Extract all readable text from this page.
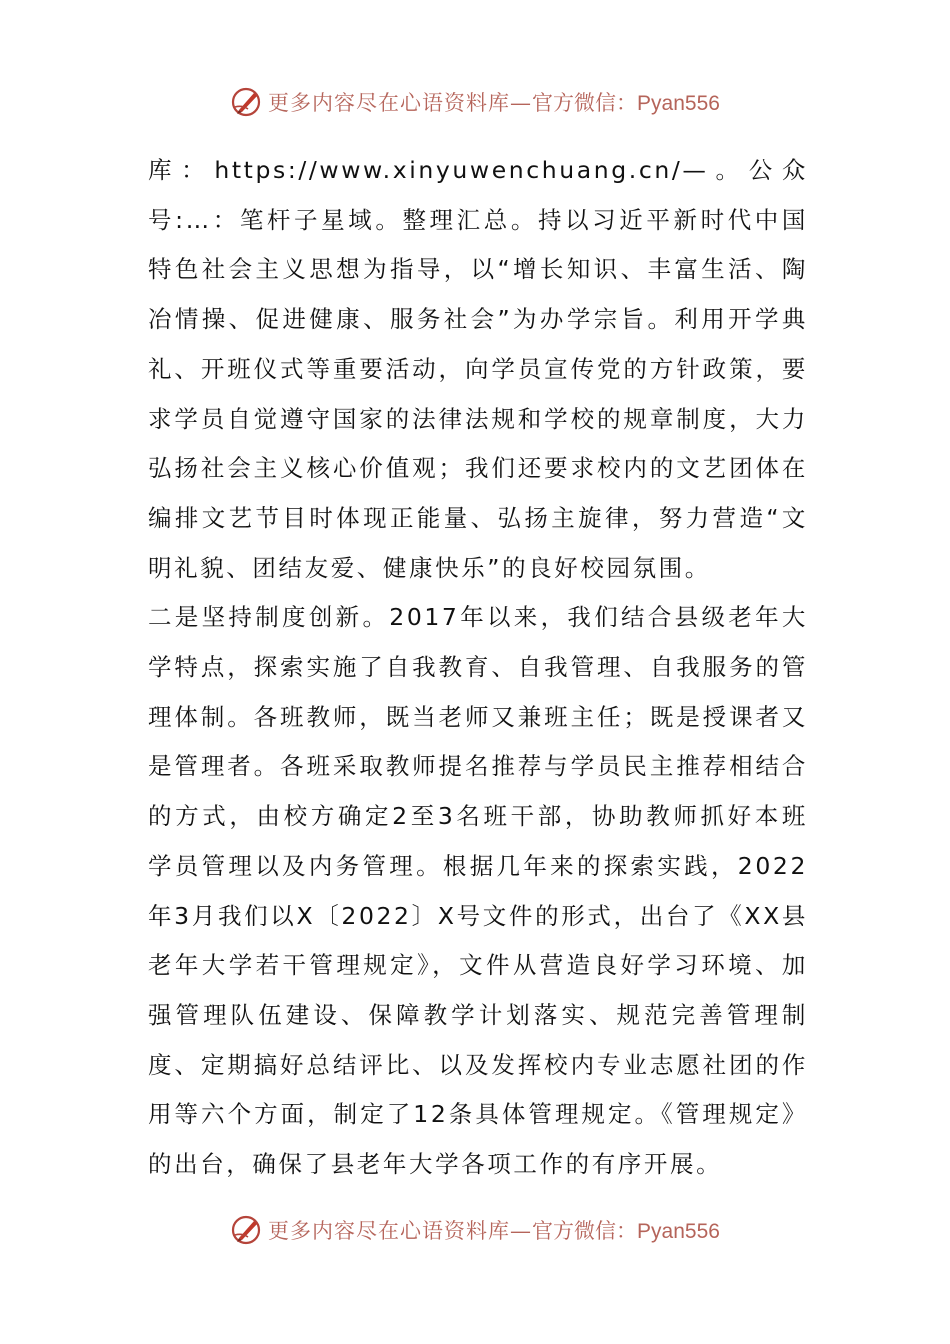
更多内容尽在心语资料库— 官方微信：Pyan556

库：https://www.xinyuwenchuang.cn/—。公众号:…：笔杆子星域。整理汇总。持以习近平新时代中国特色社会主义思想为指导，以“增长知识、丰富生活、陶冶情操、促进健康、服务社会”为办学宗旨。利用开学典礼、开班仪式等重要活动，向学员宣传党的方针政策，要求学员自觉遵守国家的法律法规和学校的规章制度，大力弘扬社会主义核心价值观；我们还要求校内的文艺团体在编排文艺节目时体现正能量、弘扬主旋律，努力营造“文明礼貌、团结友爱、健康快乐”的良好校园氛围。

二是坚持制度创新。2017年以来，我们结合县级老年大学特点，探索实施了自我教育、自我管理、自我服务的管理体制。各班教师，既当老师又兼班主任；既是授课者又是管理者。各班采取教师提名推荐与学员民主推荐相结合的方式，由校方确定2至3名班干部，协助教师抓好本班学员管理以及内务管理。根据几年来的探索实践，2022年3月我们以X〔2022〕X号文件的形式，出台了《XX县老年大学若干管理规定》，文件从营造良好学习环境、加强管理队伍建设、保障教学计划落实、规范完善管理制度、定期搞好总结评比、以及发挥校内专业志愿社团的作用等六个方面，制定了12条具体管理规定。《管理规定》的出台，确保了县老年大学各项工作的有序开展。

更多内容尽在心语资料库— 官方微信：Pyan556
